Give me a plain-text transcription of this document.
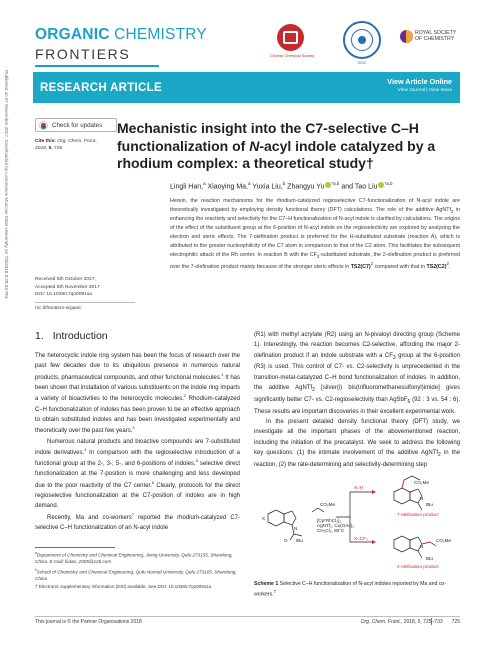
Published on 07 November 2017. Downloaded by Lomonosov Moscow State University on 7/8/2018 8:28:33 PM.
ORGANIC CHEMISTRY
FRONTIERS	Chinese Chemical Society
SIOC
ROYAL SOCIETY
OF CHEMISTRY
RESEARCH ARTICLE
View Article Online
View Journal | View Issue
Check for updates
Cite this: Org. Chem. Front., 2018, 5, 725
Mechanistic insight into the C7-selective C–H functionalization of N-acyl indole catalyzed by a rhodium complex: a theoretical study†
Lingli Han,$^a$ Xiaoying Ma,$^a$ Yuxia Liu,$^b$ Zhangyu Yu $^{*a,b}$ and Tao Liu $^{*a,b}$
Herein, the reaction mechanisms for the rhodium-catalyzed regioselective C7-functionalization of N-acyl indole are theoretically investigated by employing density functional theory (DFT) calculations. The role of the additive AgNTf$_2$ in enhancing the reactivity and selectivity for the C7–H functionalization of N-acyl indole is clarified by calculations. The origins of the effect of the substituent group at the 6-position of N-acyl indole on the regioselectivity are explored by analyzing the electron and steric effects. The 7-olefination product is preferred for the H-substituted substrate (reaction A), which is attributed to the greater nucleophilicity of the C7 atom in comparison to that of the C2 atom. This facilitates the subsequent electrophilic attack of the Rh center. In reaction B with the $CF_3$-substituted substrate, the 2-olefination product is preferred over the 7-olefination product mainly because of the stronger steric effects in $TS2(C7)^2$ compared with that in $TS2(C2)^2$.
Received 5th October 2017,
Accepted 6th November 2017
DOI: 10.1039/c7qo00911a
rsc.li/frontiers-organic
1. Introduction

The heterocyclic indole ring system has been the focus of research over the past few decades due to its ubiquitous presence in numerous natural products, pharmaceutical compounds, and other functional molecules.$^1$ It has been shown that installation of various substituents on the indole ring imparts a variety of bioactivities to the heterocyclic molecules.$^2$ Rhodium-catalyzed C–H functionalization of indoles has been proven to be an effective approach to obtain substituted indoles and has been investigated experimentally and theoretically over the past few years.$^3$

Numerous natural products and bioactive compounds are 7-substituted indole derivatives.$^4$ In comparison with the regioselective introduction of a functional group at the 2-, 3-, 5-, and 6-positions of indoles,$^5$ selective direct functionalization at the 7-position is more challenging and less developed due to the poor reactivity of the C7 center.$^6$ Clearly, protocols for the direct regioselective functionalization at the C7-position of indoles are in high demand.

Recently, Ma and co-workers$^7$ reported the rhodium-catalyzed C7-selective C–H functionalization of an N-acyl indole

(R1) with methyl acrylate (R2) using an N-pivaloyl directing group (Scheme 1). Interestingly, the reaction becomes C2-selective, affording the major 2-olefination product if an indole substrate with a $CF_3$ group at the 6-position (R3) is used. This control of C7- vs. C2-selectivity is unprecedented in the transition-metal-catalyzed C–H bond functionalization of indoles. In addition, the additive AgNTf$_2$ [silver(i) bis(trifluoromethanesulfonyl)imide] gives significantly better C7- vs. C2-regioselectivity than AgSbF$_6$ (92 : 3 vs. 54 : 6). These results are important discoveries in their excellent experimental work.

In the present detailed density functional theory (DFT) study, we investigate all the important phases of the abovementioned reaction, including the initiation of the precatalyst. We seek to address the following key questions: (1) the intimate involvement of the additive AgNTf$_2$ in the reaction, (2) the rate-determining and selectivity-determining step

$^a$Department of Chemistry and Chemical Engineering, Jining University, Qufu 273155, Shandong, China. E-mail: liutao_2005@126.com

$^b$School of Chemistry and Chemical Engineering, Qufu Normal University, Qufu 273165, Shandong, China

† Electronic supplementary information (ESI) available. See DOI: 10.1039/c7qo00911a

X
N
tBu
O
CO₂Me
[Cp*RhCl₂]₂
AgNTf₂, Cu(OAc)₂
CH₂Cl₂, 80°C
X=H
X=CF₃
CO₂Me
N
tBu
CO₂Me
N
tBu
7-olefination product
2-olefination product
Scheme 1 Selective C–H functionalization of N-acyl indoles reported by Ma and co-workers.$^7$
This journal is © the Partner Organisations 2018	Org. Chem. Front., 2018, 5, 725–733 725
